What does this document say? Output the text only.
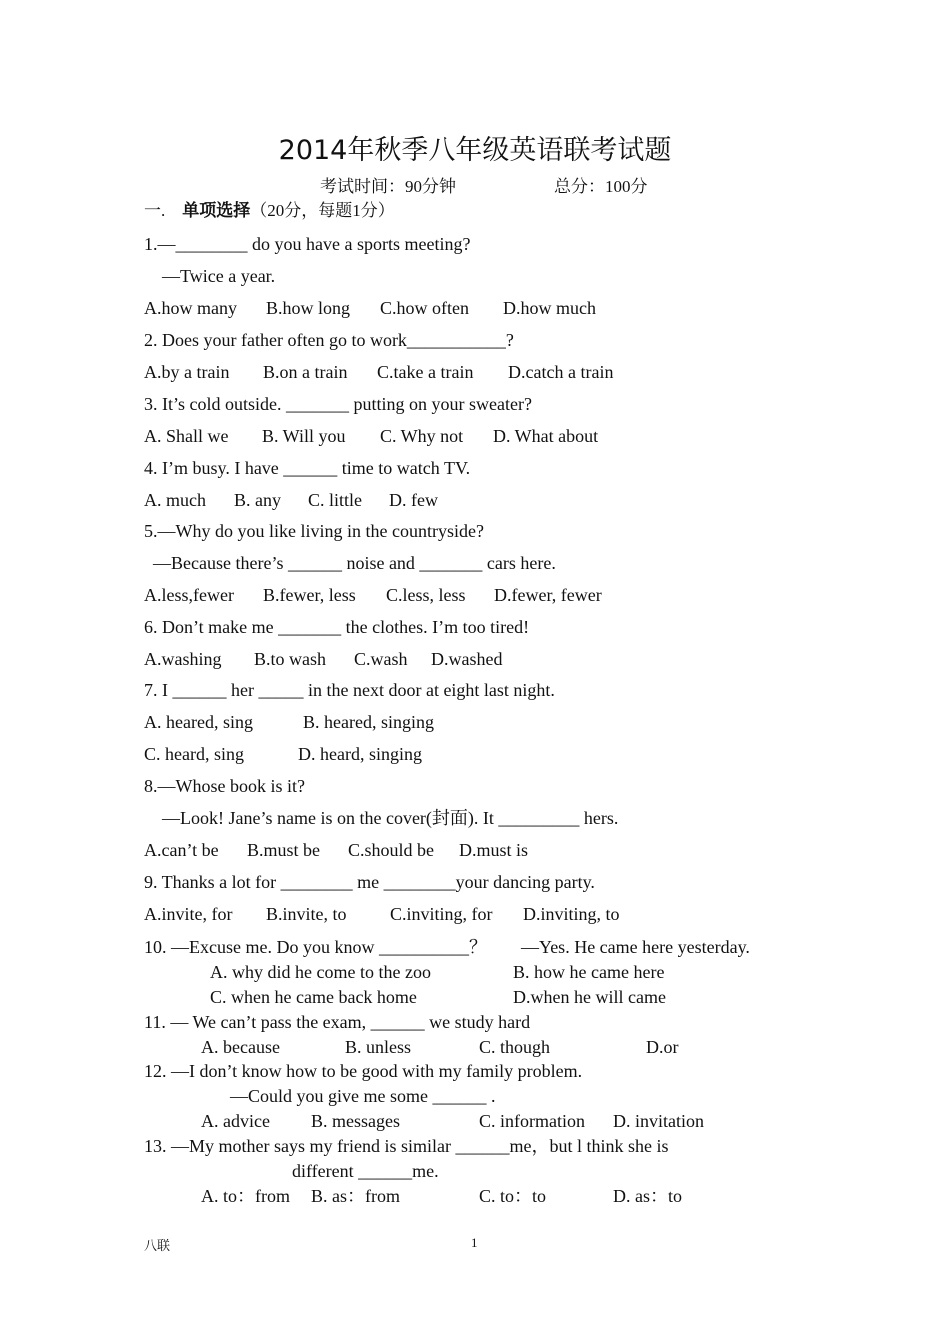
2014年秋季八年级英语联考试题
考试时间：90分钟	总分：100分
一. 单项选择（20分，每题1分）
1.—________ do you have a sports meeting?
—Twice a year.
A.how many B.how long C.how often D.how much
2. Does your father often go to work___________?
A.by a train B.on a train C.take a train D.catch a train
3. It’s cold outside. _______ putting on your sweater?
A. Shall we B. Will you C. Why not D. What about
4. I’m busy. I have ______ time to watch TV.
A. much B. any C. little D. few
5.—Why do you like living in the countryside?
—Because there’s ______ noise and _______ cars here.
A.less,fewer B.fewer, less C.less, less D.fewer, fewer
6. Don’t make me _______ the clothes. I’m too tired!
A.washing B.to wash C.wash D.washed
7. I ______ her _____ in the next door at eight last night.
A. heared, sing	B. heared, singing
C. heard, sing	D. heard, singing
8.—Whose book is it?
—Look! Jane’s name is on the cover(封面). It _________ hers.
A.can’t be B.must be C.should be D.must is
9. Thanks a lot for ________ me ________your dancing party.
A.invite, for B.invite, to C.inviting, for D.inviting, to
10. —Excuse me. Do you know __________？ —Yes. He came here yesterday.
A. why did he come to the zoo	B. how he came here
C. when he came back home	D.when he will came
11. — We can’t pass the exam, ______ we study hard
A. because	B. unless	C. though	D.or
12. —I don’t know how to be good with my family problem.
—Could you give me some ______ .
A. advice B. messages	C. information D. invitation
13. —My mother says my friend is similar ______me，but l think she is
different ______me.
A. to：from B. as：from	C. to：to	D. as：to
八联	1
